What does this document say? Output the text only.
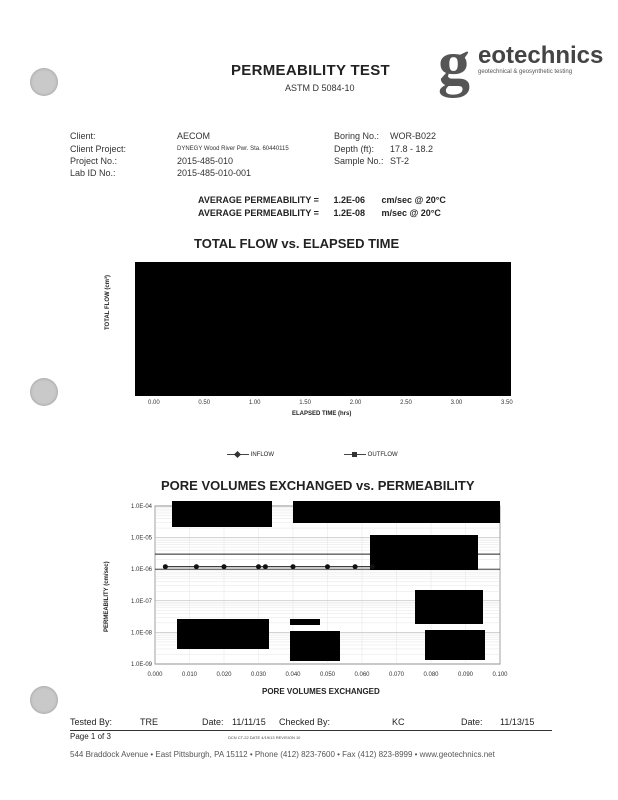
PERMEABILITY TEST
ASTM D 5084-10 g eotechnics
geotechnical & geosynthetic testing
Client:	AECOM
Client Project:	DYNEGY Wood River Pwr. Sta. 60440115
Project No.:	2015-485-010
Lab ID No.:	2015-485-010-001
Boring No.: WOR-B022
Depth (ft): 17.8 - 18.2
Sample No.: ST-2
AVERAGE PERMEABILITY = 1.2E-06 cm/sec @ 20°C
AVERAGE PERMEABILITY = 1.2E-08 m/sec @ 20°C
TOTAL FLOW vs. ELAPSED TIME
TOTAL FLOW (cm³)
0.00	0.50	1.00	1.50	2.00	2.50	3.00	3.50
ELAPSED TIME (hrs)
INFLOW	OUTFLOW
PORE VOLUMES EXCHANGED vs. PERMEABILITY
0.000	0.010	0.020	0.030	0.040	0.050	0.060	0.070	0.080	0.090	0.100
1.0E-04
1.0E-05
1.0E-06
1.0E-07
1.0E-08
1.0E-09
PORE VOLUMES EXCHANGED
PERMEABILITY (cm/sec)
Tested By:	TRE	Date: 11/11/15 Checked By:	KC	Date: 11/13/15
Page 1 of 3	DCN CT-22 DATE 4/19/13 REVISION 10
544 Braddock Avenue • East Pittsburgh, PA 15112 • Phone (412) 823-7600 • Fax (412) 823-8999 • www.geotechnics.net
